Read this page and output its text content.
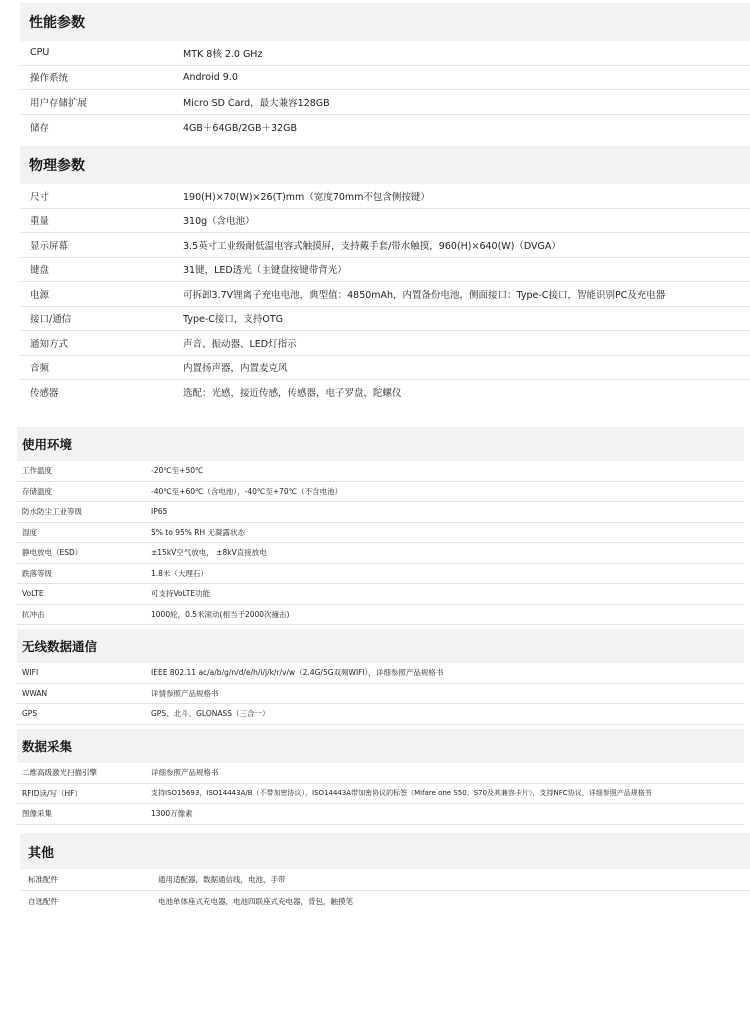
性能参数
CPU	MTK 8核 2.0 GHz
操作系统	Android 9.0
用户存储扩展	Micro SD Card，最大兼容128GB
储存	4GB＋64GB/2GB＋32GB
物理参数
尺寸	190(H)×70(W)×26(T)mm（宽度70mm不包含侧按键）
重量	310g（含电池）
显示屏幕	3.5英寸工业级耐低温电容式触摸屏，支持戴手套/带水触摸，960(H)×640(W)（DVGA）
键盘	31键，LED透光（主键盘按键带背光）
电源	可拆卸3.7V锂离子充电电池，典型值：4850mAh，内置备份电池，侧面接口：Type-C接口，智能识别PC及充电器
接口/通信	Type-C接口，支持OTG
通知方式	声音、振动器、LED灯指示
音频	内置扬声器，内置麦克风
传感器	选配：光感，接近传感，传感器，电子罗盘，陀螺仪
使用环境
工作温度	-20℃至+50℃
存储温度	-40℃至+60℃（含电池），-40℃至+70℃（不含电池）
防水防尘工业等级	IP65
湿度	5% to 95% RH 无凝露状态
静电放电（ESD）	±15kV空气放电， ±8kV直接放电
跌落等级	1.8米（大理石）
VoLTE	可支持VoLTE功能
抗冲击	1000轮，0.5米滚动(相当于2000次撞击)
无线数据通信
WIFI	IEEE 802.11 ac/a/b/g/n/d/e/h/i/j/k/r/v/w（2.4G/5G双频WIFI），详细参照产品规格书
WWAN	详情参照产品规格书
GPS	GPS、北斗、GLONASS（三合一）
数据采集
二维高级激光扫描引擎	详细参照产品规格书
RFID读/写（HF）	支持ISO15693，ISO14443A/B（不带加密协议），ISO14443A带加密协议的标签（Mifare one S50、S70及其兼容卡片），支持NFC协议，详细参照产品规格书
图像采集	1300万像素
其他
标准配件	通用适配器，数据通信线，电池，手带
自选配件	电池单体座式充电器，电池四联座式充电器，背包，触摸笔
